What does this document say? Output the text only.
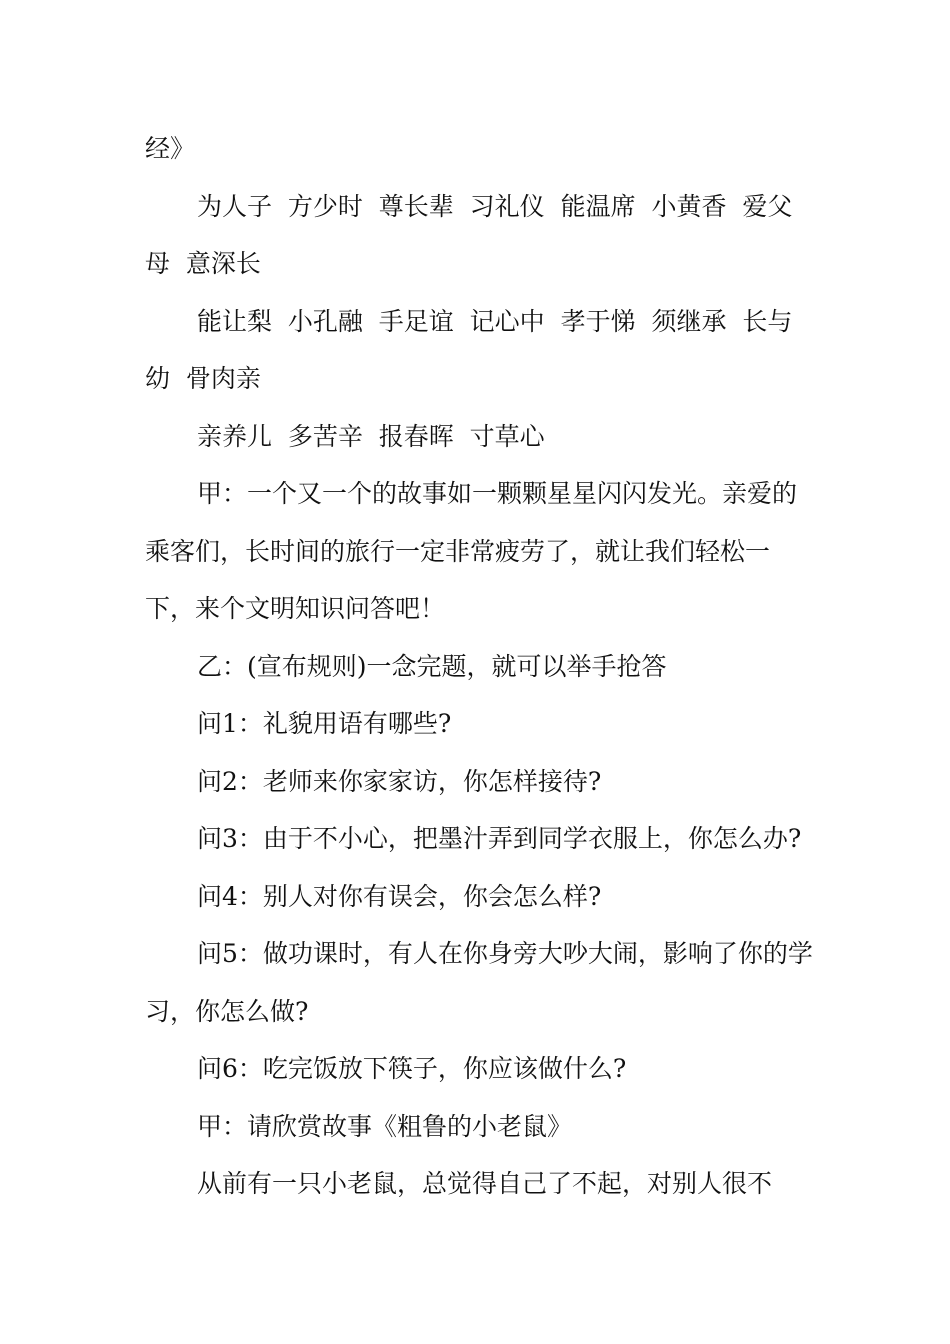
经》

为人子  方少时  尊长辈  习礼仪  能温席  小黄香  爱父母  意深长

能让梨  小孔融  手足谊  记心中  孝于悌  须继承  长与幼  骨肉亲

亲养儿  多苦辛  报春晖  寸草心

甲：一个又一个的故事如一颗颗星星闪闪发光。亲爱的乘客们，长时间的旅行一定非常疲劳了，就让我们轻松一下，来个文明知识问答吧！

乙：(宣布规则)一念完题，就可以举手抢答

问1：礼貌用语有哪些?

问2：老师来你家家访，你怎样接待?

问3：由于不小心，把墨汁弄到同学衣服上，你怎么办?

问4：别人对你有误会，你会怎么样?

问5：做功课时，有人在你身旁大吵大闹，影响了你的学习，你怎么做?

问6：吃完饭放下筷子，你应该做什么?

甲：请欣赏故事《粗鲁的小老鼠》

从前有一只小老鼠，总觉得自己了不起，对别人很不
